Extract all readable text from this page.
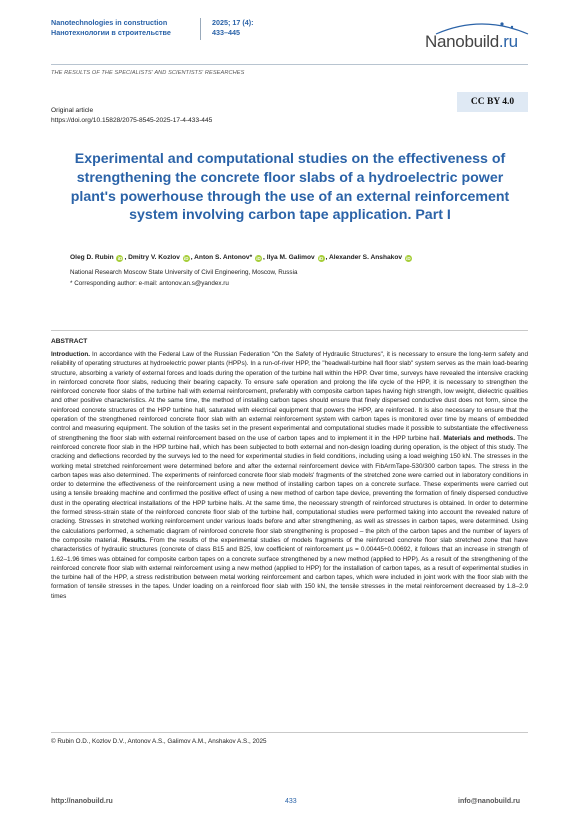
Nanotechnologies in construction
Нанотехнологии в строительстве
2025; 17 (4):
433–445	Nanobuild.ru
THE RESULTS OF THE SPECIALISTS' AND SCIENTISTS' RESEARCHES
CC BY 4.0
Original article
https://doi.org/10.15828/2075-8545-2025-17-4-433-445
Experimental and computational studies on the effectiveness of strengthening the concrete floor slabs of a hydroelectric power plant's powerhouse through the use of an external reinforcement system involving carbon tape application. Part I
Oleg D. Rubin iD , Dmitry V. Kozlov iD , Anton S. Antonov* iD , Ilya M. Galimov iD , Alexander S. Anshakov iD
National Research Moscow State University of Civil Engineering, Moscow, Russia
* Corresponding author: e-mail: antonov.an.s@yandex.ru
ABSTRACT
Introduction. In accordance with the Federal Law of the Russian Federation "On the Safety of Hydraulic Structures", it is necessary to ensure the long-term safety and reliability of operating structures at hydroelectric power plants (HPPs). In a run-of-river HPP, the "headwall-turbine hall floor slab" system serves as the main load-bearing structure, absorbing a variety of external forces and loads during the operation of the turbine hall within the HPP. Over time, surveys have revealed the intensive cracking in reinforced concrete floor slabs, reducing their bearing capacity. To ensure safe operation and prolong the life cycle of the HPP, it is necessary to strengthen the reinforced concrete floor slabs of the turbine hall with external reinforcement, preferably with composite carbon tapes having high strength, low weight, dielectric qualities and other positive characteristics. At the same time, the method of installing carbon tapes should ensure that finely dispersed conductive dust does not form, since the reinforced concrete structures of the HPP turbine hall, saturated with electrical equipment that powers the HPP, are reinforced. It is also necessary to ensure that the operation of the strengthened reinforced concrete floor slab with an external reinforcement system with carbon tapes is monitored over time by means of embedded control and measuring equipment. The solution of the tasks set in the present experimental and computational studies made it possible to substantiate the effectiveness of strengthening the floor slab with external reinforcement based on the use of carbon tapes and to implement it in the HPP turbine hall. Materials and methods. The reinforced concrete floor slab in the HPP turbine hall, which has been subjected to both external and non-design loading during operation, is the object of this study. The cracking and deflections recorded by the surveys led to the need for experimental studies in field conditions, including using a load weighing 150 kN. The stresses in the working metal stretched reinforcement were determined before and after the external reinforcement device with FibArmTape-530/300 carbon tapes. The stress in the carbon tapes was also determined. The experiments of reinforced concrete floor slab models' fragments of the stretched zone were carried out in laboratory conditions in order to determine the effectiveness of the reinforcement using a new method of installing carbon tapes on a concrete surface. These experiments were carried out using a tensile breaking machine and confirmed the positive effect of using a new method of carbon tape device, preventing the formation of finely dispersed conductive dust in the operating electrical installations of the HPP turbine halls. At the same time, the necessary strength of reinforced structures is obtained. In order to determine the formed stress-strain state of the reinforced concrete floor slab of the turbine hall, computational studies were performed taking into account the revealed nature of cracking. Stresses in stretched working reinforcement under various loads before and after strengthening, as well as stresses in carbon tapes, were determined. Using the calculations performed, a schematic diagram of reinforced concrete floor slab strengthening is proposed – the pitch of the carbon tapes and the number of layers of the composite material. Results. From the results of the experimental studies of models fragments of the reinforced concrete floor slab stretched zone that have characteristics of hydraulic structures (concrete of class B15 and B25, low coefficient of reinforcement μs = 0.00445÷0.00692, it follows that an increase in strength of 1.62–1.96 times was obtained for composite carbon tapes on a concrete surface strengthened by a new method (applied to HPP). As a result of the strengthening of the reinforced concrete floor slab with external reinforcement using a new method (applied to HPP) for the installation of carbon tapes, as a result of experimental studies in the turbine hall of the HPP, a stress redistribution between metal working reinforcement and carbon tapes, which were included in joint work with the floor slab with the formation of tensile stresses in the tapes. Under loading on a reinforced floor slab with 150 kN, the tensile stresses in the metal reinforcement decreased by 1.8–2.9 times
© Rubin O.D., Kozlov D.V., Antonov A.S., Galimov A.M., Anshakov A.S., 2025
http://nanobuild.ru	433	info@nanobuild.ru
